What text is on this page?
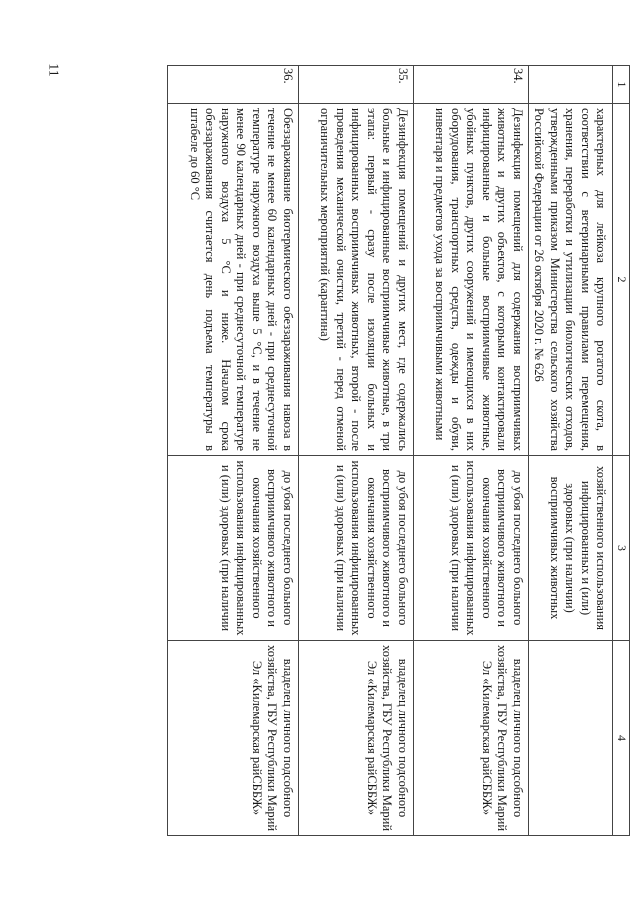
11
1	2	3	4
	характерных для лейкоза крупного рогатого скота, в соответствии с ветеринарными правилами перемещения, хранения, переработки и утилизации биологических отходов, утвержденными приказом Министерства сельского хозяйства Российской Федерации от 26 октября 2020 г. № 626	хозяйственного использования инфицированных и (или) здоровых (при наличии) восприимчивых животных	
34.	Дезинфекция помещений для содержания восприимчивых животных и других объектов, с которыми контактировали инфицированные и больные восприимчивые животные, убойных пунктов, других сооружений и имеющихся в них оборудования, транспортных средств, одежды и обуви, инвентаря и предметов ухода за восприимчивыми животными	до убоя последнего больного восприимчивого животного и окончания хозяйственного использования инфицированных и (или) здоровых (при наличии	владелец личного подсобного хозяйства, ГБУ Республики Марий Эл «Килемарская райСББЖ»
35.	Дезинфекция помещений и других мест, где содержались больные и инфицированные восприимчивые животные, в три этапа: первый - сразу после изоляции больных и инфицированных восприимчивых животных, второй - после проведения механической очистки, третий - перед отменой ограничительных мероприятий (карантина)	до убоя последнего больного восприимчивого животного и окончания хозяйственного использования инфицированных и (или) здоровых (при наличии	владелец личного подсобного хозяйства, ГБУ Республики Марий Эл «Килемарская райСББЖ»
36.	Обеззараживание биотермического обеззараживания навоза в течение не менее 60 календарных дней - при среднесуточной температуре наружного воздуха выше 5 °С, и в течение не менее 90 календарных дней - при среднесуточной температуре наружного воздуха 5 °С и ниже. Началом срока обеззараживания считается день подъема температуры в штабеле до 60 °С	до убоя последнего больного восприимчивого животного и окончания хозяйственного использования инфицированных и (или) здоровых (при наличии	владелец личного подсобного хозяйства, ГБУ Республики Марий Эл «Килемарская райСББЖ»
